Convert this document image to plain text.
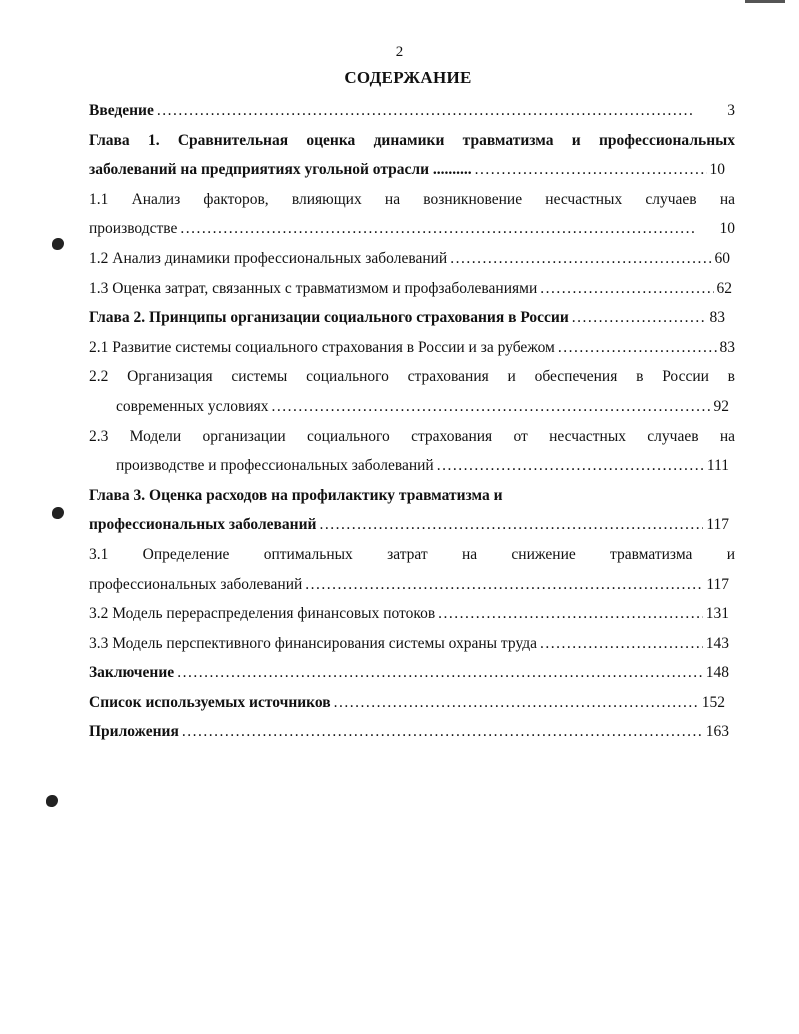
2
СОДЕРЖАНИЕ
Введение .....	3
Глава 1. Сравнительная оценка динамики травматизма и профессиональных
заболеваний на предприятиях угольной отрасли .......... .....	10
1.1 Анализ факторов, влияющих на возникновение несчастных случаев на
производстве .....	10
1.2 Анализ динамики профессиональных заболеваний .....	60
1.3 Оценка затрат, связанных с травматизмом и профзаболеваниями .....	62
Глава 2. Принципы организации социального страхования в России .....	83
2.1 Развитие системы социального страхования в России и за рубежом .....	83
2.2 Организация системы социального страхования и обеспечения в России в
современных условиях .....	92
2.3 Модели организации социального страхования от несчастных случаев на
производстве и профессиональных заболеваний .....	111
Глава 3. Оценка расходов на профилактику травматизма и
профессиональных заболеваний .....	117
3.1 Определение оптимальных затрат на снижение травматизма и
профессиональных заболеваний .....	117
3.2 Модель перераспределения финансовых потоков .....	131
3.3 Модель перспективного финансирования системы охраны труда .....	143
Заключение .....	148
Список используемых источников .....	152
Приложения .....	163
